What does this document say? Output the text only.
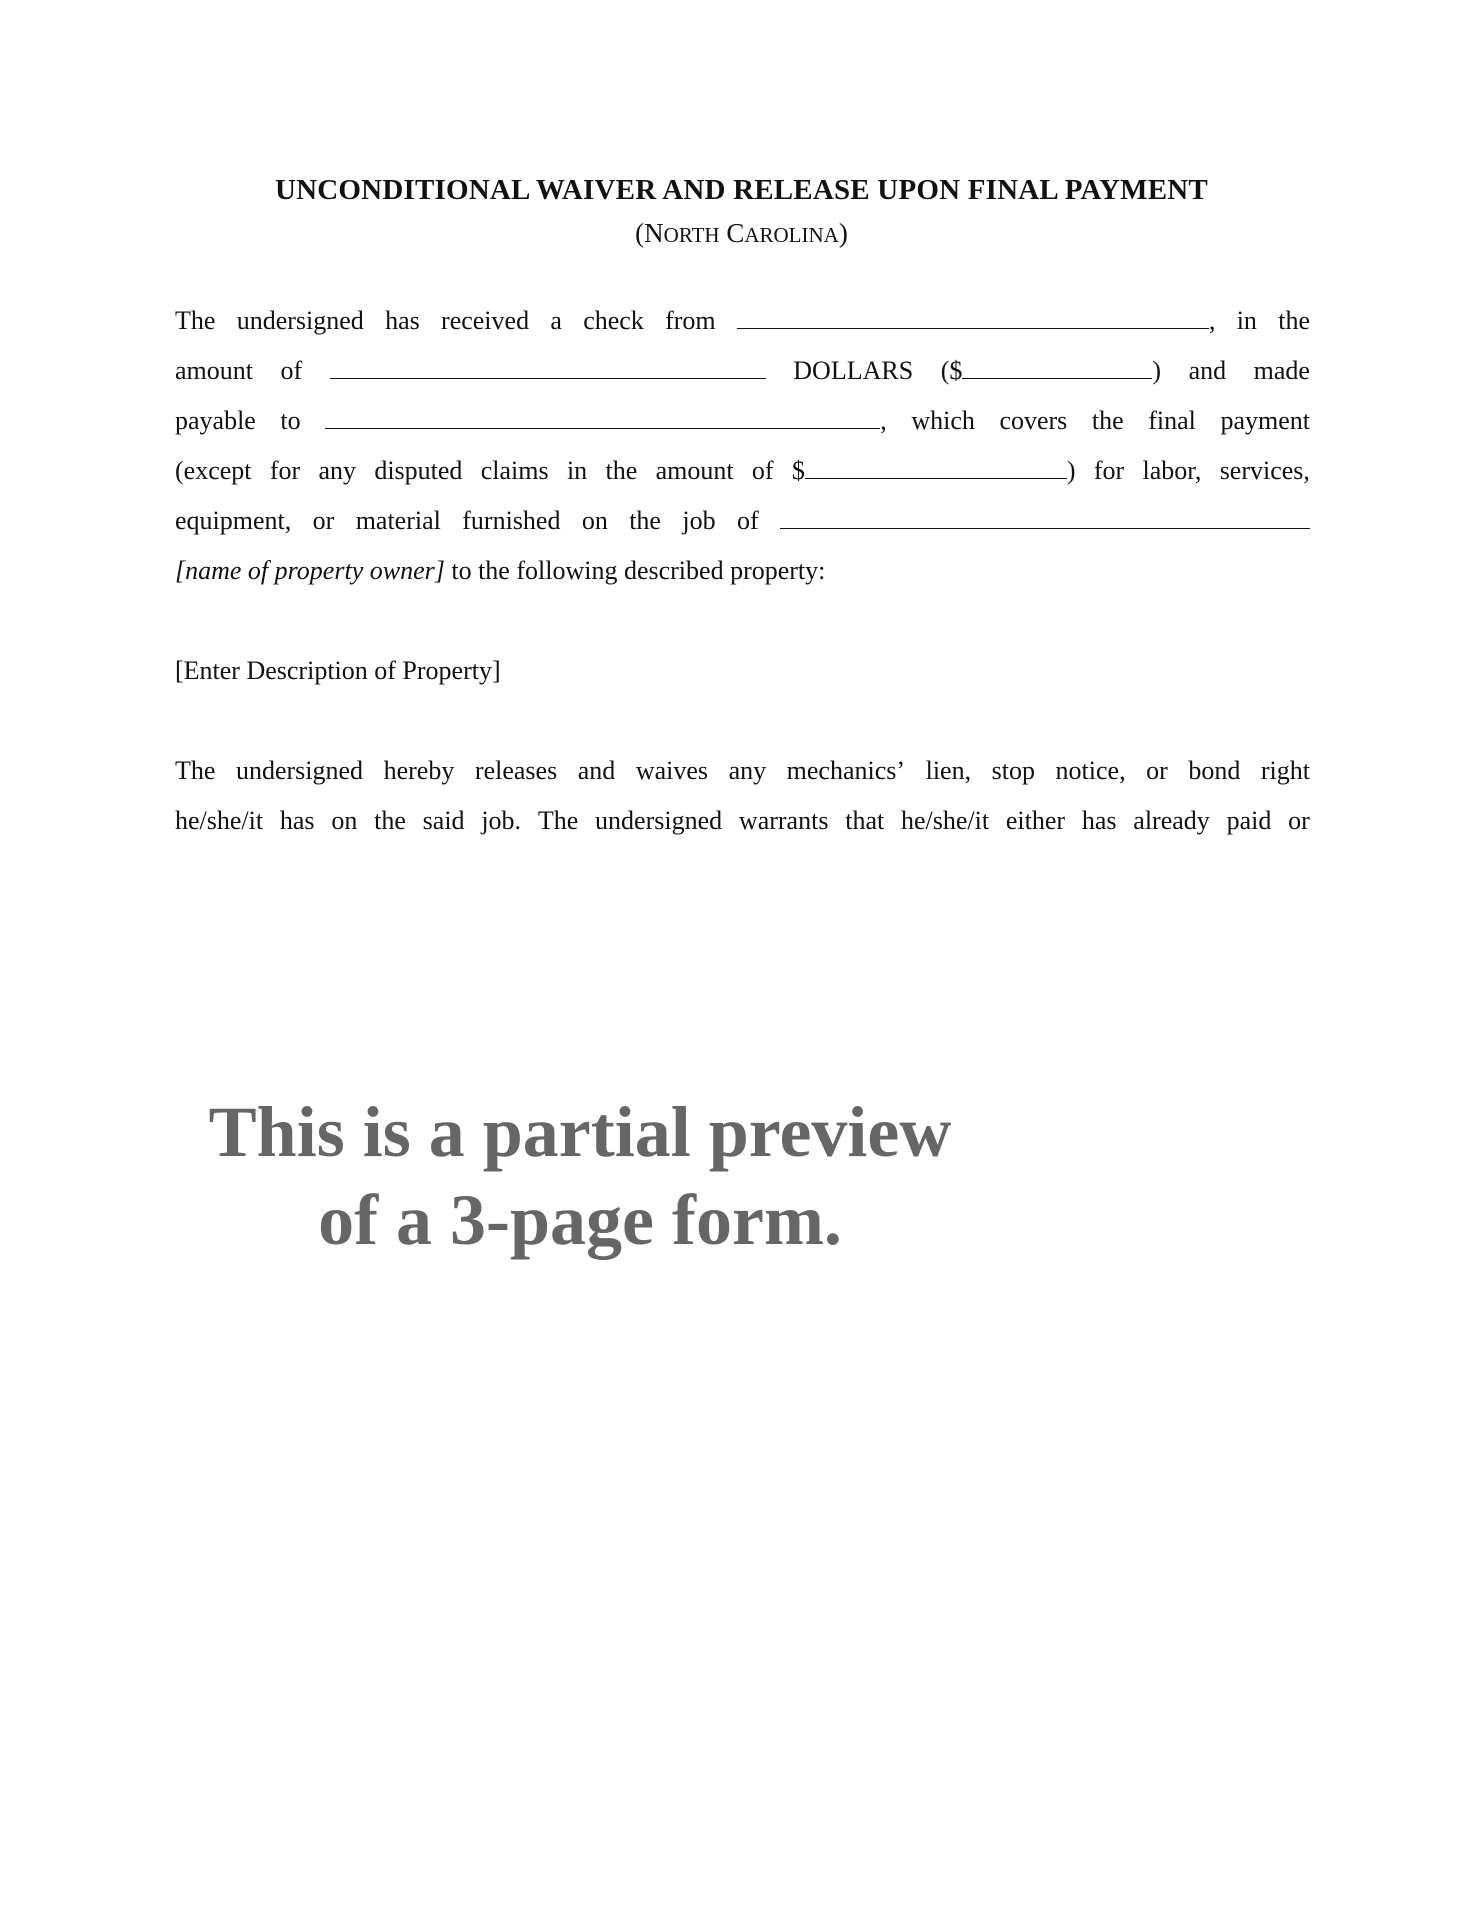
UNCONDITIONAL WAIVER AND RELEASE UPON FINAL PAYMENT
(NORTH CAROLINA)
The undersigned has received a check from	, in the
amount of	DOLLARS ($	) and made
payable to	, which covers the final payment
(except for any disputed claims in the amount of $	) for labor, services,
equipment, or material furnished on the job of
[name of property owner] to the following described property:
[Enter Description of Property]
The undersigned hereby releases and waives any mechanics’ lien, stop notice, or bond right
he/she/it has on the said job. The undersigned warrants that he/she/it either has already paid or
This is a partial preview
of a 3-page form.
